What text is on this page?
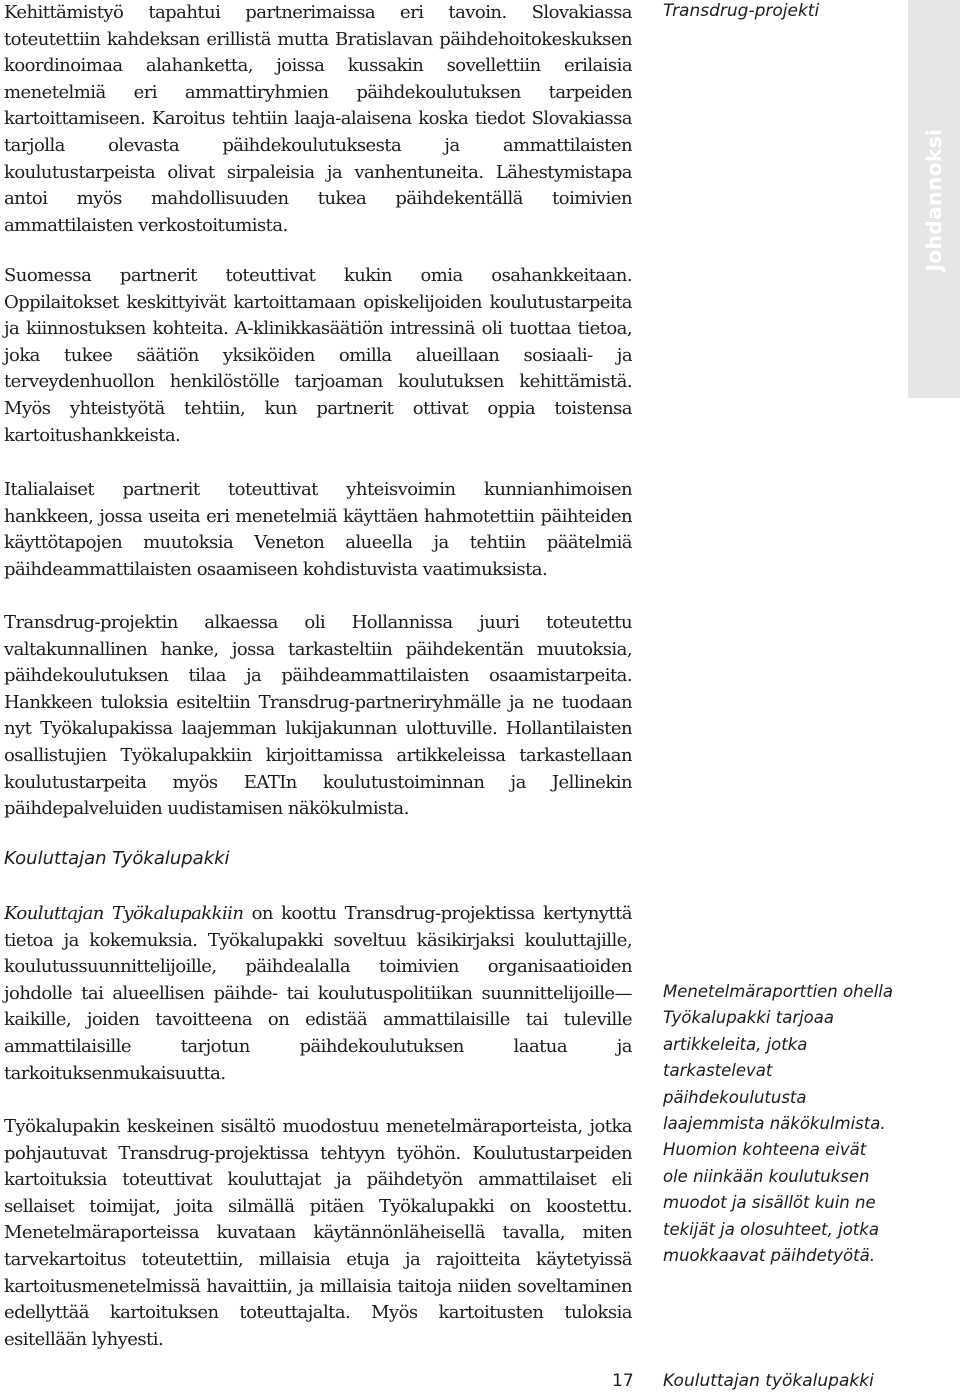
Kehittämistyö tapahtui partnerimaissa eri tavoin. Slovakiassa toteutettiin kahdeksan erillistä mutta Bratislavan päihdehoitokeskuksen koordinoimaa alahanketta, joissa kussakin sovellettiin erilaisia menetelmiä eri ammattiryhmien päihdekoulutuksen tarpeiden kartoittamiseen. Karoitus tehtiin laaja-alaisena koska tiedot Slovakiassa tarjolla olevasta päihdekoulutuksesta ja ammattilaisten koulutustarpeista olivat sirpaleisia ja vanhentuneita. Lähestymistapa antoi myös mahdollisuuden tukea päihdekentällä toimivien ammattilaisten verkostoitumista.

Suomessa partnerit toteuttivat kukin omia osahankkeitaan. Oppilaitokset keskittyivät kartoittamaan opiskelijoiden koulutustarpeita ja kiinnostuksen kohteita. A-klinikkasäätiön intressinä oli tuottaa tietoa, joka tukee säätiön yksiköiden omilla alueillaan sosiaali- ja terveydenhuollon henkilöstölle tarjoaman koulutuksen kehittämistä. Myös yhteistyötä tehtiin, kun partnerit ottivat oppia toistensa kartoitushankkeista.

Italialaiset partnerit toteuttivat yhteisvoimin kunnianhimoisen hankkeen, jossa useita eri menetelmiä käyttäen hahmotettiin päihteiden käyttötapojen muutoksia Veneton alueella ja tehtiin päätelmiä päihdeammattilaisten osaamiseen kohdistuvista vaatimuksista.

Transdrug-projektin alkaessa oli Hollannissa juuri toteutettu valtakunnallinen hanke, jossa tarkasteltiin päihdekentän muutoksia, päihdekoulutuksen tilaa ja päihdeammattilaisten osaamistarpeita. Hankkeen tuloksia esiteltiin Transdrug-partneriryhmälle ja ne tuodaan nyt Työkalupakissa laajemman lukijakunnan ulottuville. Hollantilaisten osallistujien Työkalupakkiin kirjoittamissa artikkeleissa tarkastellaan koulutustarpeita myös EATIn koulutustoiminnan ja Jellinekin päihdepalveluiden uudistamisen näkökulmista.

Kouluttajan Työkalupakki

Kouluttajan Työkalupakkiin on koottu Transdrug-projektissa kertynyttä tietoa ja kokemuksia. Työkalupakki soveltuu käsikirjaksi kouluttajille, koulutussuunnittelijoille, päihdealalla toimivien organisaatioiden johdolle tai alueellisen päihde- tai koulutuspolitiikan suunnittelijoille—kaikille, joiden tavoitteena on edistää ammattilaisille tai tuleville ammattilaisille tarjotun päihdekoulutuksen laatua ja tarkoituksenmukaisuutta.

Työkalupakin keskeinen sisältö muodostuu menetelmäraporteista, jotka pohjautuvat Transdrug-projektissa tehtyyn työhön. Koulutustarpeiden kartoituksia toteuttivat kouluttajat ja päihdetyön ammattilaiset eli sellaiset toimijat, joita silmällä pitäen Työkalupakki on koostettu. Menetelmäraporteissa kuvataan käytännönläheisellä tavalla, miten tarvekartoitus toteutettiin, millaisia etuja ja rajoitteita käytetyissä kartoitusmenetelmissä havaittiin, ja millaisia taitoja niiden soveltaminen edellyttää kartoituksen toteuttajalta. Myös kartoitusten tuloksia esitellään lyhyesti.

Transdrug-projekti
Johdannoksi

Menetelmäraporttien ohella Työkalupakki tarjoaa artikkeleita, jotka tarkastelevat päihdekoulutusta laajemmista näkökulmista. Huomion kohteena eivät ole niinkään koulutuksen muodot ja sisällöt kuin ne tekijät ja olosuhteet, jotka muokkaavat päihdetyötä.

17 Kouluttajan työkalupakki
